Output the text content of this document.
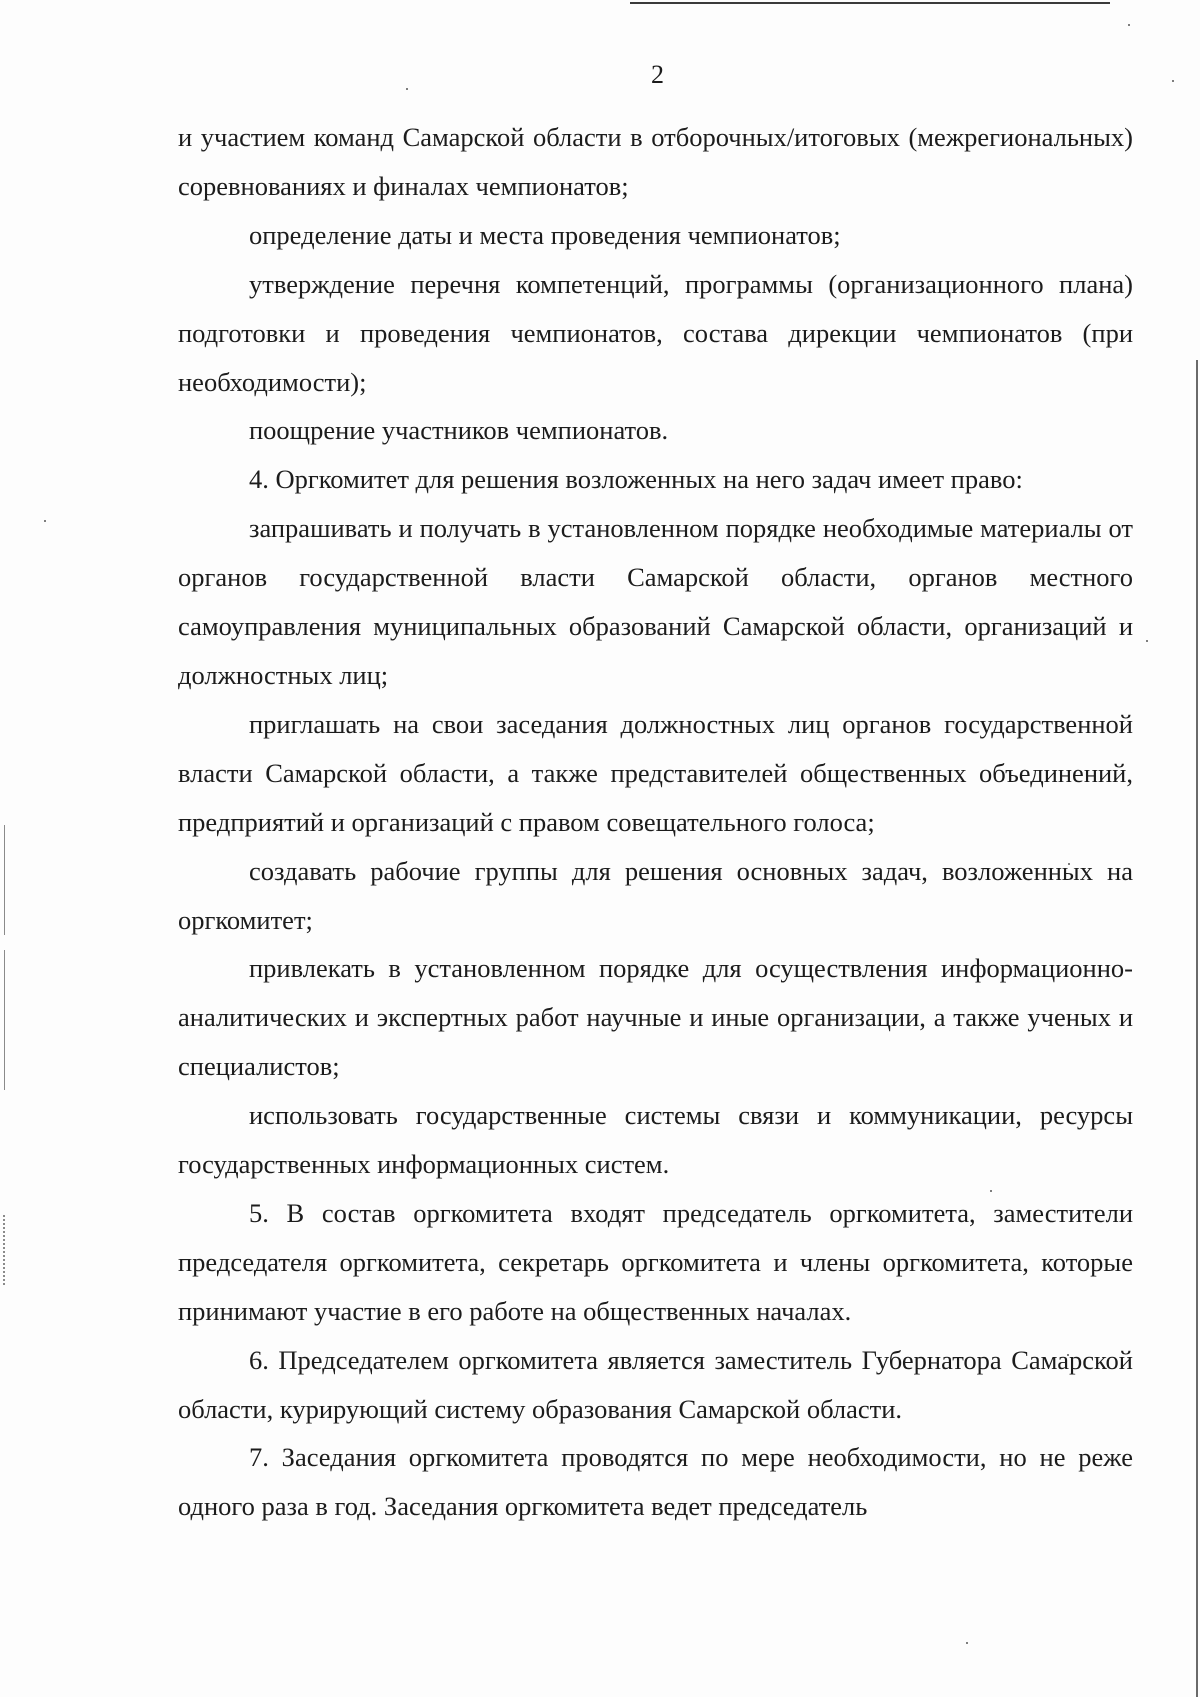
2

и участием команд Самарской области в отборочных/итоговых (межрегиональных) соревнованиях и финалах чемпионатов;

определение даты и места проведения чемпионатов;

утверждение перечня компетенций, программы (организационного плана) подготовки и проведения чемпионатов, состава дирекции чемпионатов (при необходимости);

поощрение участников чемпионатов.

4. Оргкомитет для решения возложенных на него задач имеет право:

запрашивать и получать в установленном порядке необходимые материалы от органов государственной власти Самарской области, органов местного самоуправления муниципальных образований Самарской области, организаций и должностных лиц;

приглашать на свои заседания должностных лиц органов государственной власти Самарской области, а также представителей общественных объединений, предприятий и организаций с правом совещательного голоса;

создавать рабочие группы для решения основных задач, возложенных на оргкомитет;

привлекать в установленном порядке для осуществления информационно-аналитических и экспертных работ научные и иные организации, а также ученых и специалистов;

использовать государственные системы связи и коммуникации, ресурсы государственных информационных систем.

5. В состав оргкомитета входят председатель оргкомитета, заместители председателя оргкомитета, секретарь оргкомитета и члены оргкомитета, которые принимают участие в его работе на общественных началах.

6. Председателем оргкомитета является заместитель Губернатора Самарской области, курирующий систему образования Самарской области.

7. Заседания оргкомитета проводятся по мере необходимости, но не реже одного раза в год. Заседания оргкомитета ведет председатель
